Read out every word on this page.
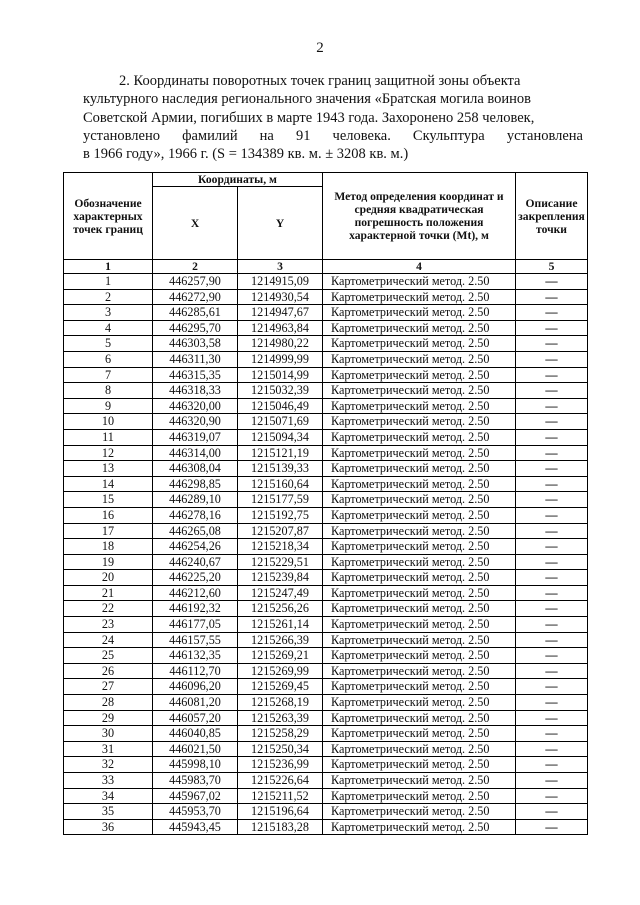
2
2. Координаты поворотных точек границ защитной зоны объекта
культурного наследия регионального значения «Братская могила воинов
Советской Армии, погибших в марте 1943 года. Захоронено 258 человек,
установлено фамилий на 91 человека. Скульптура установлена
в 1966 году», 1966 г. (S = 134389 кв. м. ± 3208 кв. м.)
Обозначение характерных точек границ	Координаты, м		Метод определения координат и средняя квадратическая погрешность положения характерной точки (Mt), м	Описание закрепления точки
	X	Y		
1	2	3	4	5
1	446257,90	1214915,09	Картометрический метод. 2.50	—
2	446272,90	1214930,54	Картометрический метод. 2.50	—
3	446285,61	1214947,67	Картометрический метод. 2.50	—
4	446295,70	1214963,84	Картометрический метод. 2.50	—
5	446303,58	1214980,22	Картометрический метод. 2.50	—
6	446311,30	1214999,99	Картометрический метод. 2.50	—
7	446315,35	1215014,99	Картометрический метод. 2.50	—
8	446318,33	1215032,39	Картометрический метод. 2.50	—
9	446320,00	1215046,49	Картометрический метод. 2.50	—
10	446320,90	1215071,69	Картометрический метод. 2.50	—
11	446319,07	1215094,34	Картометрический метод. 2.50	—
12	446314,00	1215121,19	Картометрический метод. 2.50	—
13	446308,04	1215139,33	Картометрический метод. 2.50	—
14	446298,85	1215160,64	Картометрический метод. 2.50	—
15	446289,10	1215177,59	Картометрический метод. 2.50	—
16	446278,16	1215192,75	Картометрический метод. 2.50	—
17	446265,08	1215207,87	Картометрический метод. 2.50	—
18	446254,26	1215218,34	Картометрический метод. 2.50	—
19	446240,67	1215229,51	Картометрический метод. 2.50	—
20	446225,20	1215239,84	Картометрический метод. 2.50	—
21	446212,60	1215247,49	Картометрический метод. 2.50	—
22	446192,32	1215256,26	Картометрический метод. 2.50	—
23	446177,05	1215261,14	Картометрический метод. 2.50	—
24	446157,55	1215266,39	Картометрический метод. 2.50	—
25	446132,35	1215269,21	Картометрический метод. 2.50	—
26	446112,70	1215269,99	Картометрический метод. 2.50	—
27	446096,20	1215269,45	Картометрический метод. 2.50	—
28	446081,20	1215268,19	Картометрический метод. 2.50	—
29	446057,20	1215263,39	Картометрический метод. 2.50	—
30	446040,85	1215258,29	Картометрический метод. 2.50	—
31	446021,50	1215250,34	Картометрический метод. 2.50	—
32	445998,10	1215236,99	Картометрический метод. 2.50	—
33	445983,70	1215226,64	Картометрический метод. 2.50	—
34	445967,02	1215211,52	Картометрический метод. 2.50	—
35	445953,70	1215196,64	Картометрический метод. 2.50	—
36	445943,45	1215183,28	Картометрический метод. 2.50	—
